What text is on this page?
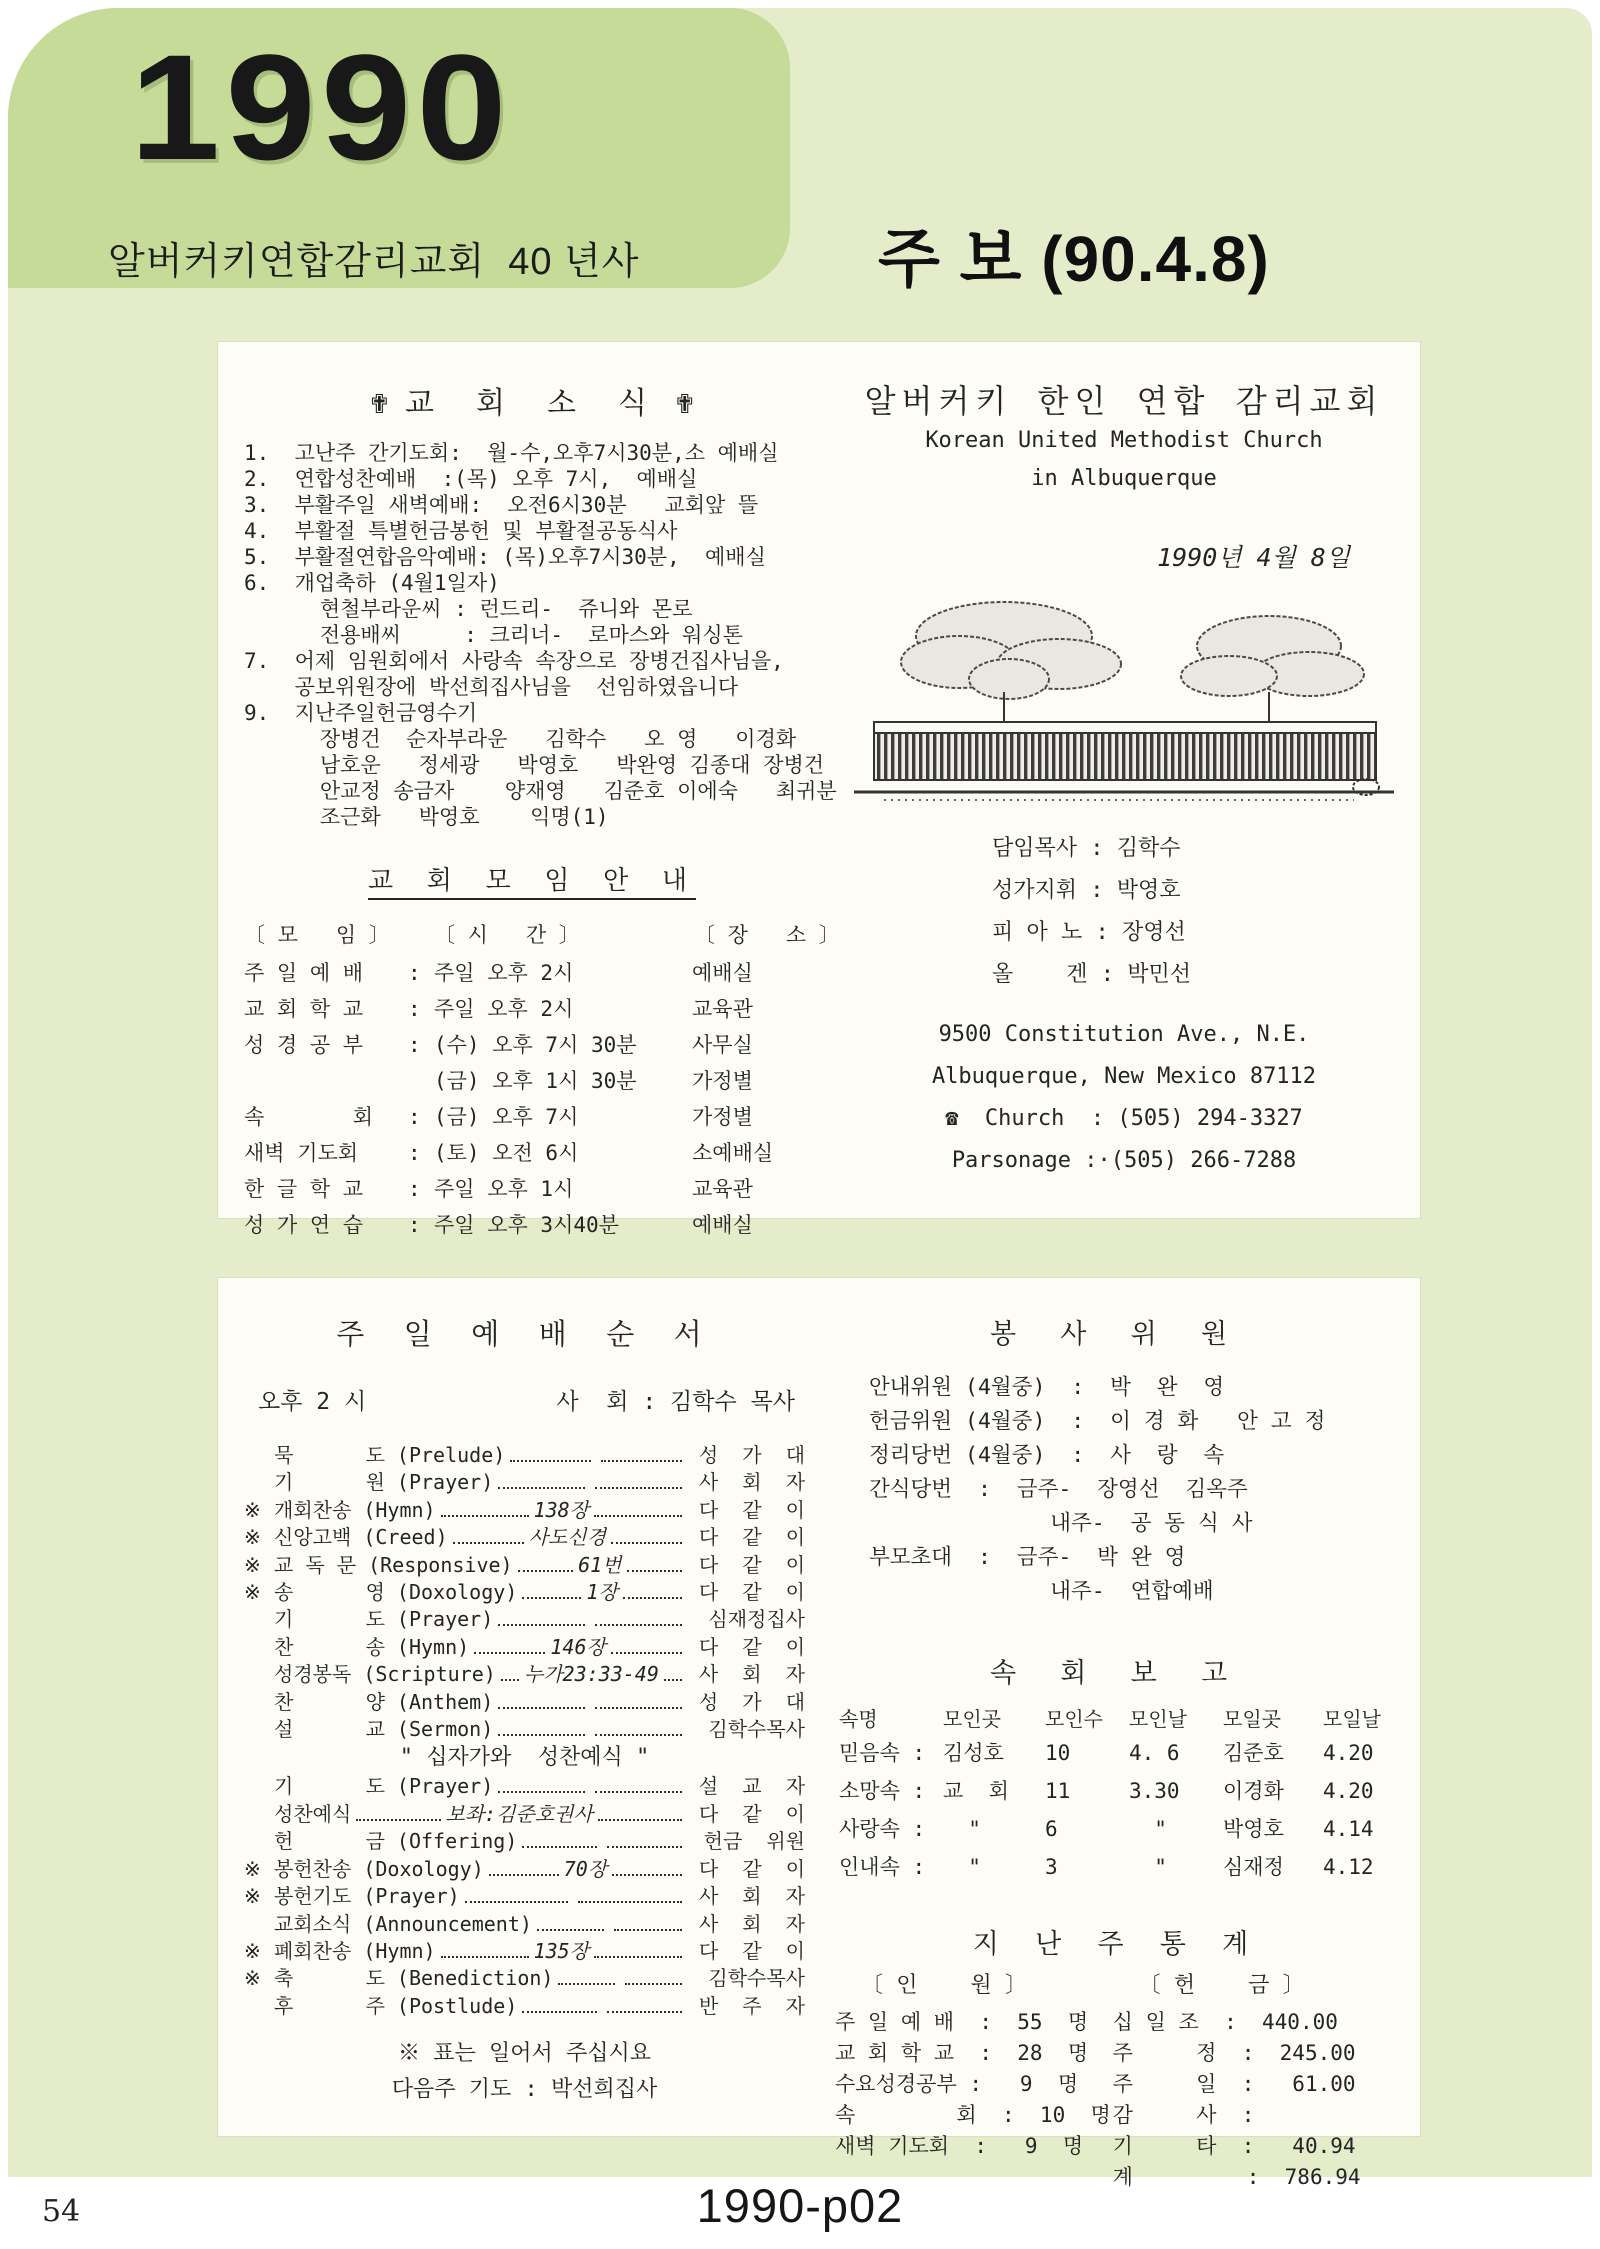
1990
알버커키연합감리교회  40 년사	주 보 (90.4.8)
✟ 교 회 소 식 ✟
1.  고난주 간기도회:  월-수,오후7시30분,소 예배실
2.  연합성찬예배  :(목) 오후 7시,  예배실
3.  부활주일 새벽예배:  오전6시30분   교회앞 뜰
4.  부활절 특별헌금봉헌 및 부활절공동식사
5.  부활절연합음악예배: (목)오후7시30분,  예배실
6.  개업축하 (4월1일자)
현철부라운씨 : 런드리-  쥬니와 몬로
전용배씨     : 크리너-  로마스와 워싱톤
7.  어제 임원회에서 사랑속 속장으로 장병건집사님을,
공보위원장에 박선희집사님을  선임하였읍니다
9.  지난주일헌금영수기
장병건  순자부라운   김학수   오 영   이경화
남호운   정세광   박영호   박완영 김종대 장병건
안교정 송금자    양재영   김준호 이에숙   최귀분
조근화   박영호    익명(1)
교 회 모 임 안 내
〔 모   임 〕	〔 시   간 〕	〔 장   소 〕
주 일 예 배	: 주일 오후 2시	예배실
교 회 학 교	: 주일 오후 2시	교육관
성 경 공 부	: (수) 오후 7시 30분	사무실
(금) 오후 1시 30분	가정별
속       회	: (금) 오후 7시	가정별
새벽 기도회	: (토) 오전 6시	소예배실
한 글 학 교	: 주일 오후 1시	교육관
성 가 연 습	: 주일 오후 3시40분	예배실
알버커키 한인 연합 감리교회
Korean United Methodist Church
in Albuquerque
1990년 4월 8일
담임목사 : 김학수
성가지휘 : 박영호
피 아 노 : 장영선
올    겐 : 박민선
9500 Constitution Ave., N.E.
Albuquerque, New Mexico 87112
☎  Church  : (505) 294-3327
Parsonage :·(505) 266-7288
주 일 예 배 순 서
오후 2 시	사  회 : 김학수 목사
묵      도 (Prelude)	성  가  대
기      원 (Prayer)	사  회  자
※ 개회찬송 (Hymn)	138장	다  같  이
※ 신앙고백 (Creed)	사도신경	다  같  이
※ 교 독 문 (Responsive)	61번	다  같  이
※ 송      영 (Doxology)	1장	다  같  이
기      도 (Prayer)	심재정집사
찬      송 (Hymn)	146장	다  같  이
성경봉독 (Scripture) 누가23:33-49	사  회  자
찬      양 (Anthem)	성  가  대
설      교 (Sermon)	김학수목사
" 십자가와  성찬예식 "
기      도 (Prayer)	설  교  자
성찬예식	보좌:김준호권사	다  같  이
헌      금 (Offering)	헌금  위원
※ 봉헌찬송 (Doxology)	70장	다  같  이
※ 봉헌기도 (Prayer)	사  회  자
교회소식 (Announcement)	사  회  자
※ 폐회찬송 (Hymn)	135장	다  같  이
※ 축      도 (Benediction)	김학수목사
후      주 (Postlude)	반  주  자
※ 표는 일어서 주십시요
다음주 기도 : 박선희집사
봉 사 위 원
안내위원 (4월중)  :  박  완  영
헌금위원 (4월중)  :  이 경 화   안 고 정
정리당번 (4월중)  :  사  랑  속
간식당번  :  금주-  장영선  김옥주
내주-  공 동 식 사
부모초대  :  금주-  박 완 영
내주-  연합예배
속 회 보 고
속명	모인곳	모인수	모인날	모일곳	모일날
믿음속 : 김성호	10	4. 6	김준호	4.20
소망속 : 교  회	11	3.30	이경화	4.20
사랑속 : "	6	"	박영호	4.14
인내속 : "	3	"	심재정	4.12
지 난 주 통 계
〔 인    원 〕
주 일 예 배  :  55  명
교 회 학 교  :  28  명
수요성경공부 :   9  명
속        회  :  10  명
새벽 기도회  :   9  명
〔 헌    금 〕
십 일 조  :  440.00
주     정  :  245.00
주     일  :   61.00
감     사  :
기     타  :   40.94
계         :  786.94
54	1990-p02
